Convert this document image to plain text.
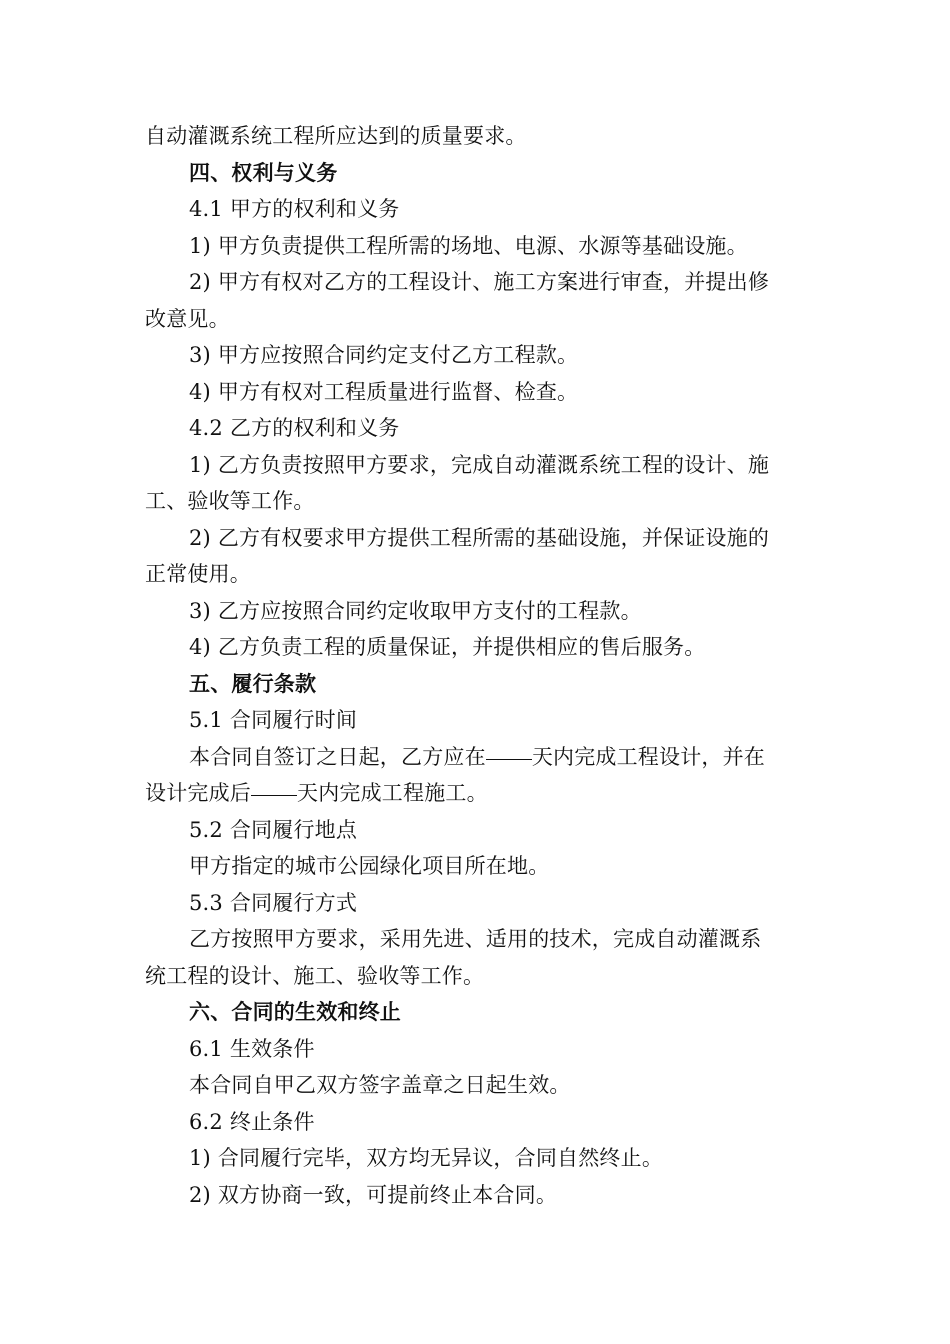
自动灌溉系统工程所应达到的质量要求。
四、权利与义务
4.1 甲方的权利和义务
1) 甲方负责提供工程所需的场地、电源、水源等基础设施。
2) 甲方有权对乙方的工程设计、施工方案进行审查，并提出修
改意见。
3) 甲方应按照合同约定支付乙方工程款。
4) 甲方有权对工程质量进行监督、检查。
4.2 乙方的权利和义务
1) 乙方负责按照甲方要求，完成自动灌溉系统工程的设计、施
工、验收等工作。
2) 乙方有权要求甲方提供工程所需的基础设施，并保证设施的
正常使用。
3) 乙方应按照合同约定收取甲方支付的工程款。
4) 乙方负责工程的质量保证，并提供相应的售后服务。
五、履行条款
5.1 合同履行时间
本合同自签订之日起，乙方应在 天内完成工程设计，并在
设计完成后 天内完成工程施工。
5.2 合同履行地点
甲方指定的城市公园绿化项目所在地。
5.3 合同履行方式
乙方按照甲方要求，采用先进、适用的技术，完成自动灌溉系
统工程的设计、施工、验收等工作。
六、合同的生效和终止
6.1 生效条件
本合同自甲乙双方签字盖章之日起生效。
6.2 终止条件
1) 合同履行完毕，双方均无异议，合同自然终止。
2) 双方协商一致，可提前终止本合同。
